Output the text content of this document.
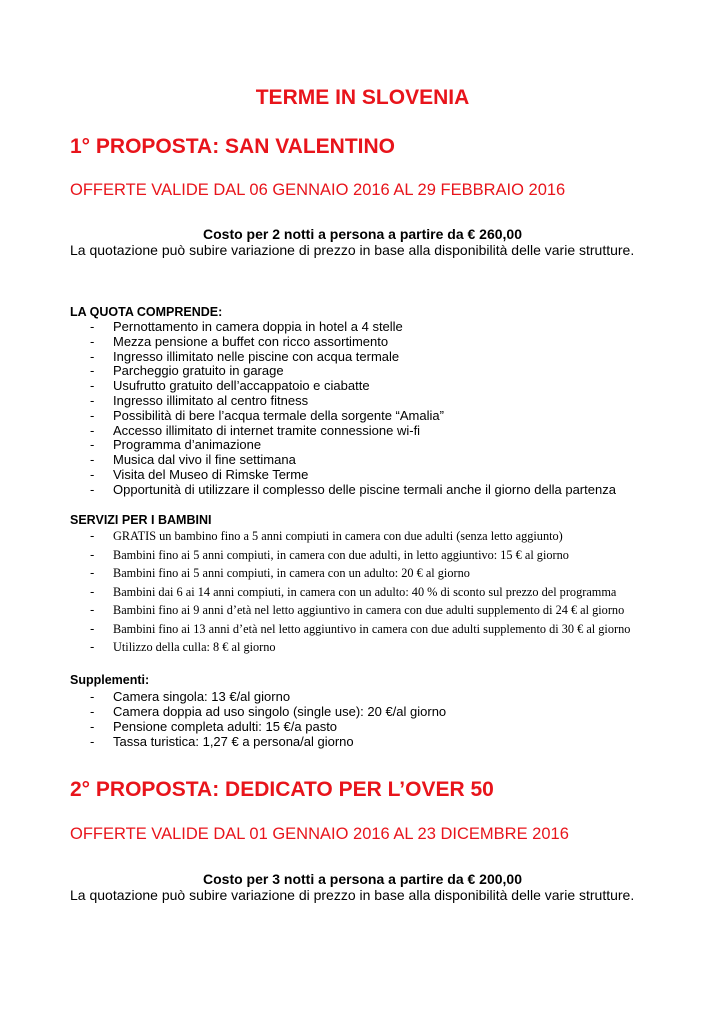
TERME IN SLOVENIA
1° PROPOSTA: SAN VALENTINO
OFFERTE VALIDE DAL 06 GENNAIO 2016 AL 29 FEBBRAIO 2016
Costo per 2 notti a persona a partire da € 260,00
La quotazione può subire variazione di prezzo in base alla disponibilità delle varie strutture.
LA QUOTA COMPRENDE:
- Pernottamento in camera doppia in hotel a 4 stelle
- Mezza pensione a buffet con ricco assortimento
- Ingresso illimitato nelle piscine con acqua termale
- Parcheggio gratuito in garage
- Usufrutto gratuito dell’accappatoio e ciabatte
- Ingresso illimitato al centro fitness
- Possibilità di bere l’acqua termale della sorgente “Amalia”
- Accesso illimitato di internet tramite connessione wi-fi
- Programma d’animazione
- Musica dal vivo il fine settimana
- Visita del Museo di Rimske Terme
- Opportunità di utilizzare il complesso delle piscine termali anche il giorno della partenza
SERVIZI PER I BAMBINI
- GRATIS un bambino fino a 5 anni compiuti in camera con due adulti (senza letto aggiunto)
- Bambini fino ai 5 anni compiuti, in camera con due adulti, in letto aggiuntivo: 15 € al giorno
- Bambini fino ai 5 anni compiuti, in camera con un adulto: 20 € al giorno
- Bambini dai 6 ai 14 anni compiuti, in camera con un adulto: 40 % di sconto sul prezzo del programma
- Bambini fino ai 9 anni d’età nel letto aggiuntivo in camera con due adulti supplemento di 24 € al giorno
- Bambini fino ai 13 anni d’età nel letto aggiuntivo in camera con due adulti supplemento di 30 € al giorno
- Utilizzo della culla: 8 € al giorno
Supplementi:
- Camera singola: 13 €/al giorno
- Camera doppia ad uso singolo (single use): 20 €/al giorno
- Pensione completa adulti: 15 €/a pasto
- Tassa turistica: 1,27 € a persona/al giorno
2° PROPOSTA: DEDICATO PER L’OVER 50
OFFERTE VALIDE DAL 01 GENNAIO 2016 AL 23 DICEMBRE 2016
Costo per 3 notti a persona a partire da € 200,00
La quotazione può subire variazione di prezzo in base alla disponibilità delle varie strutture.
